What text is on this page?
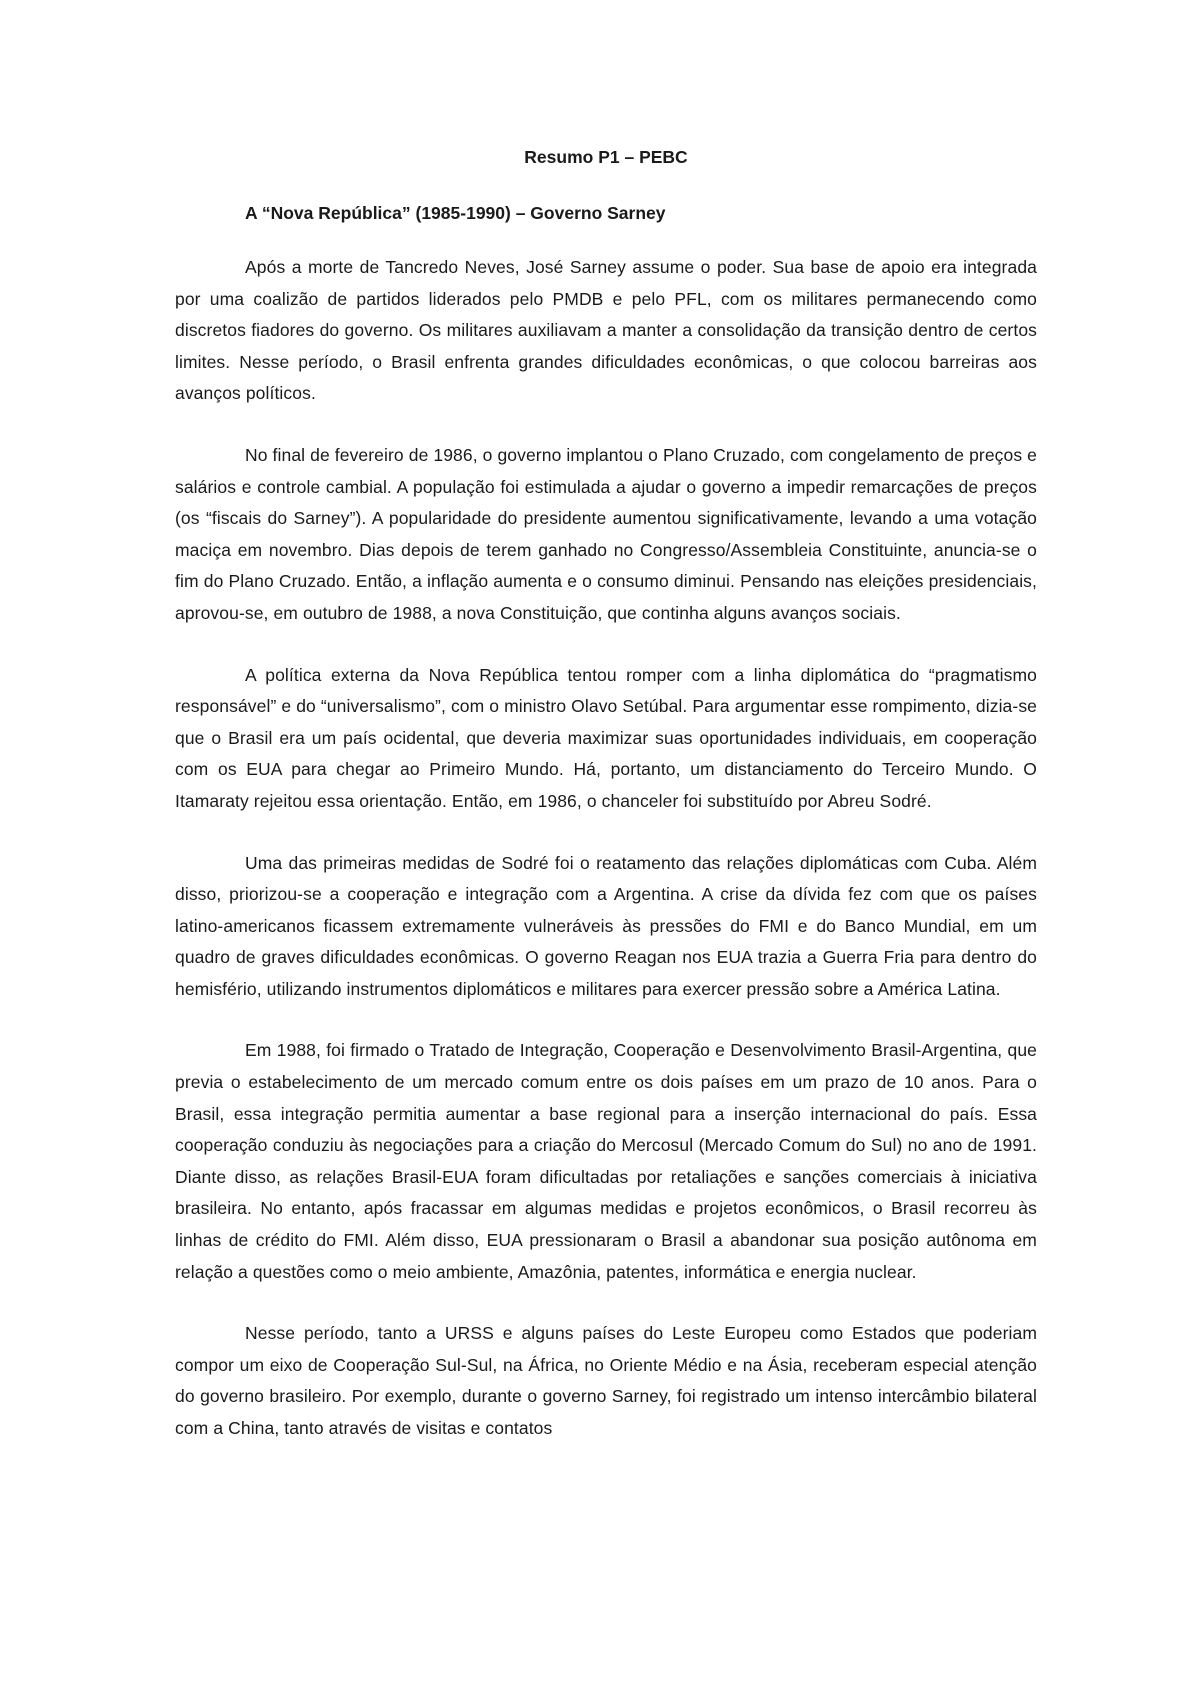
Resumo P1 – PEBC
A “Nova República” (1985-1990) – Governo Sarney

Após a morte de Tancredo Neves, José Sarney assume o poder. Sua base de apoio era integrada por uma coalizão de partidos liderados pelo PMDB e pelo PFL, com os militares permanecendo como discretos fiadores do governo. Os militares auxiliavam a manter a consolidação da transição dentro de certos limites. Nesse período, o Brasil enfrenta grandes dificuldades econômicas, o que colocou barreiras aos avanços políticos.

No final de fevereiro de 1986, o governo implantou o Plano Cruzado, com congelamento de preços e salários e controle cambial. A população foi estimulada a ajudar o governo a impedir remarcações de preços (os “fiscais do Sarney”). A popularidade do presidente aumentou significativamente, levando a uma votação maciça em novembro. Dias depois de terem ganhado no Congresso/Assembleia Constituinte, anuncia-se o fim do Plano Cruzado. Então, a inflação aumenta e o consumo diminui. Pensando nas eleições presidenciais, aprovou-se, em outubro de 1988, a nova Constituição, que continha alguns avanços sociais.

A política externa da Nova República tentou romper com a linha diplomática do “pragmatismo responsável” e do “universalismo”, com o ministro Olavo Setúbal. Para argumentar esse rompimento, dizia-se que o Brasil era um país ocidental, que deveria maximizar suas oportunidades individuais, em cooperação com os EUA para chegar ao Primeiro Mundo. Há, portanto, um distanciamento do Terceiro Mundo. O Itamaraty rejeitou essa orientação. Então, em 1986, o chanceler foi substituído por Abreu Sodré.

Uma das primeiras medidas de Sodré foi o reatamento das relações diplomáticas com Cuba. Além disso, priorizou-se a cooperação e integração com a Argentina. A crise da dívida fez com que os países latino-americanos ficassem extremamente vulneráveis às pressões do FMI e do Banco Mundial, em um quadro de graves dificuldades econômicas. O governo Reagan nos EUA trazia a Guerra Fria para dentro do hemisfério, utilizando instrumentos diplomáticos e militares para exercer pressão sobre a América Latina.

Em 1988, foi firmado o Tratado de Integração, Cooperação e Desenvolvimento Brasil-Argentina, que previa o estabelecimento de um mercado comum entre os dois países em um prazo de 10 anos. Para o Brasil, essa integração permitia aumentar a base regional para a inserção internacional do país. Essa cooperação conduziu às negociações para a criação do Mercosul (Mercado Comum do Sul) no ano de 1991. Diante disso, as relações Brasil-EUA foram dificultadas por retaliações e sanções comerciais à iniciativa brasileira. No entanto, após fracassar em algumas medidas e projetos econômicos, o Brasil recorreu às linhas de crédito do FMI. Além disso, EUA pressionaram o Brasil a abandonar sua posição autônoma em relação a questões como o meio ambiente, Amazônia, patentes, informática e energia nuclear.

Nesse período, tanto a URSS e alguns países do Leste Europeu como Estados que poderiam compor um eixo de Cooperação Sul-Sul, na África, no Oriente Médio e na Ásia, receberam especial atenção do governo brasileiro. Por exemplo, durante o governo Sarney, foi registrado um intenso intercâmbio bilateral com a China, tanto através de visitas e contatos
